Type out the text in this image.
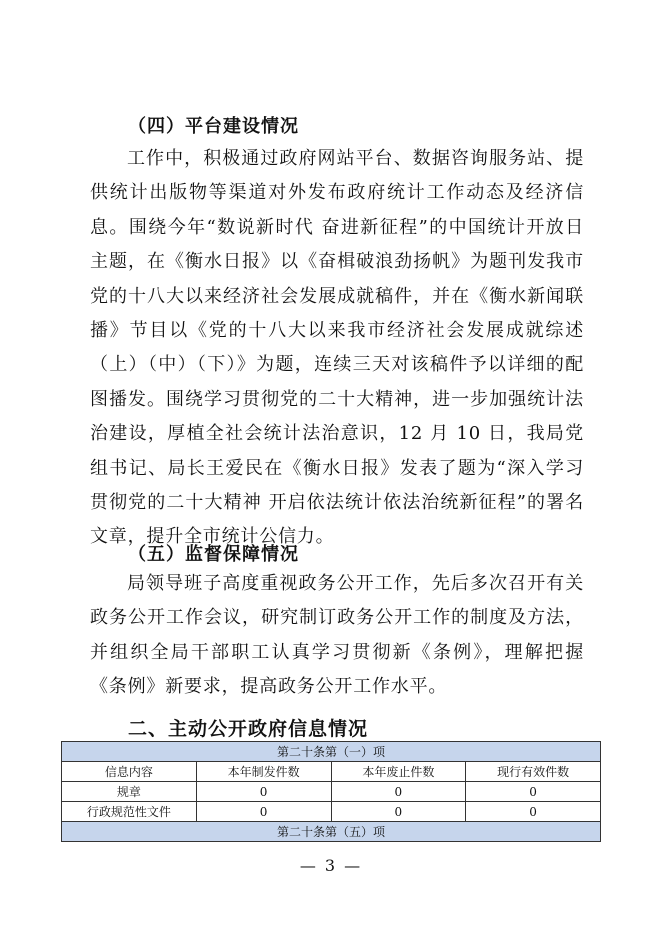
（四）平台建设情况

工作中，积极通过政府网站平台、数据咨询服务站、提供统计出版物等渠道对外发布政府统计工作动态及经济信息。围绕今年“数说新时代 奋进新征程”的中国统计开放日主题，在《衡水日报》以《奋楫破浪劲扬帆》为题刊发我市党的十八大以来经济社会发展成就稿件，并在《衡水新闻联播》节目以《党的十八大以来我市经济社会发展成就综述（上）（中）（下）》为题，连续三天对该稿件予以详细的配图播发。围绕学习贯彻党的二十大精神，进一步加强统计法治建设，厚植全社会统计法治意识，12 月 10 日，我局党组书记、局长王爱民在《衡水日报》发表了题为“深入学习贯彻党的二十大精神 开启依法统计依法治统新征程”的署名文章，提升全市统计公信力。

（五）监督保障情况

局领导班子高度重视政务公开工作，先后多次召开有关政务公开工作会议，研究制订政务公开工作的制度及方法，并组织全局干部职工认真学习贯彻新《条例》，理解把握《条例》新要求，提高政务公开工作水平。

二、主动公开政府信息情况
第二十条第（一）项			
信息内容	本年制发件数	本年废止件数	现行有效件数
规章	0	0	0
行政规范性文件	0	0	0
第二十条第（五）项			
— 3 —
